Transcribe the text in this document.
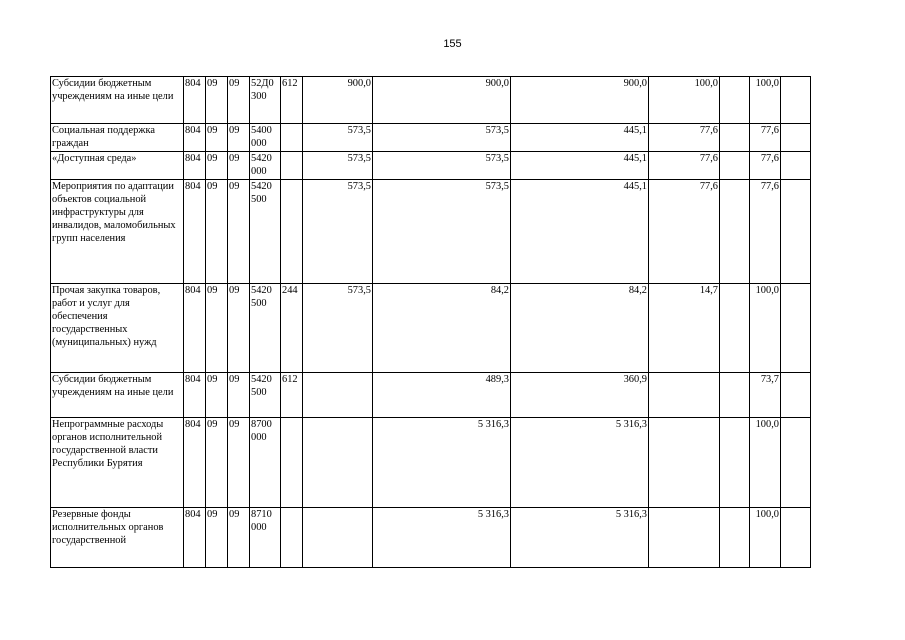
155
Субсидии бюджетным учреждениям на иные цели	804	09	09	52Д0 300	612	900,0	900,0	900,0	100,0		100,0	
Социальная поддержка граждан	804	09	09	5400 000		573,5	573,5	445,1	77,6		77,6	
«Доступная среда»	804	09	09	5420 000		573,5	573,5	445,1	77,6		77,6	
Мероприятия по адаптации объектов социальной инфраструктуры для инвалидов, маломобильных групп населения	804	09	09	5420 500		573,5	573,5	445,1	77,6		77,6	
Прочая закупка товаров, работ и услуг для обеспечения государственных (муниципальных) нужд	804	09	09	5420 500	244	573,5	84,2	84,2	14,7		100,0	
Субсидии бюджетным учреждениям на иные цели	804	09	09	5420 500	612		489,3	360,9			73,7	
Непрограммные расходы органов исполнительной государственной власти Республики Бурятия	804	09	09	8700 000			5 316,3	5 316,3			100,0	
Резервные фонды исполнительных органов государственной	804	09	09	8710 000			5 316,3	5 316,3			100,0	
